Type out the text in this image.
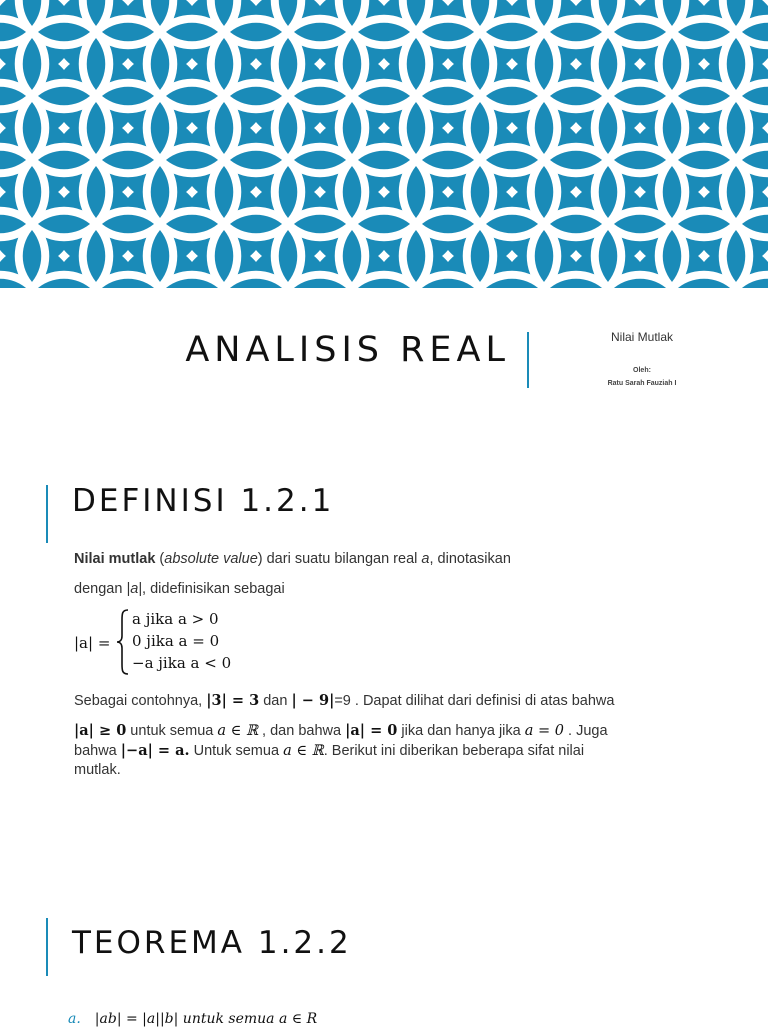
ANALISIS REAL	Nilai Mutlak
Oleh:
Ratu Sarah Fauziah I
DEFINISI 1.2.1
Nilai mutlak (absolute value) dari suatu bilangan real a, dinotasikan
dengan |a|, didefinisikan sebagai
|a| =
a jika a > 0
0 jika a = 0
−a jika a < 0
Sebagai contohnya, |3| = 3 dan | − 9|=9 . Dapat dilihat dari definisi di atas bahwa
|a| ≥ 0 untuk semua a ∈ ℝ , dan bahwa |a| = 0 jika dan hanya jika a = 0 . Juga
bahwa |−a| = a. Untuk semua a ∈ ℝ. Berikut ini diberikan beberapa sifat nilai
mutlak.
TEOREMA 1.2.2
a. |ab| = |a||b| untuk semua a ∈ R
